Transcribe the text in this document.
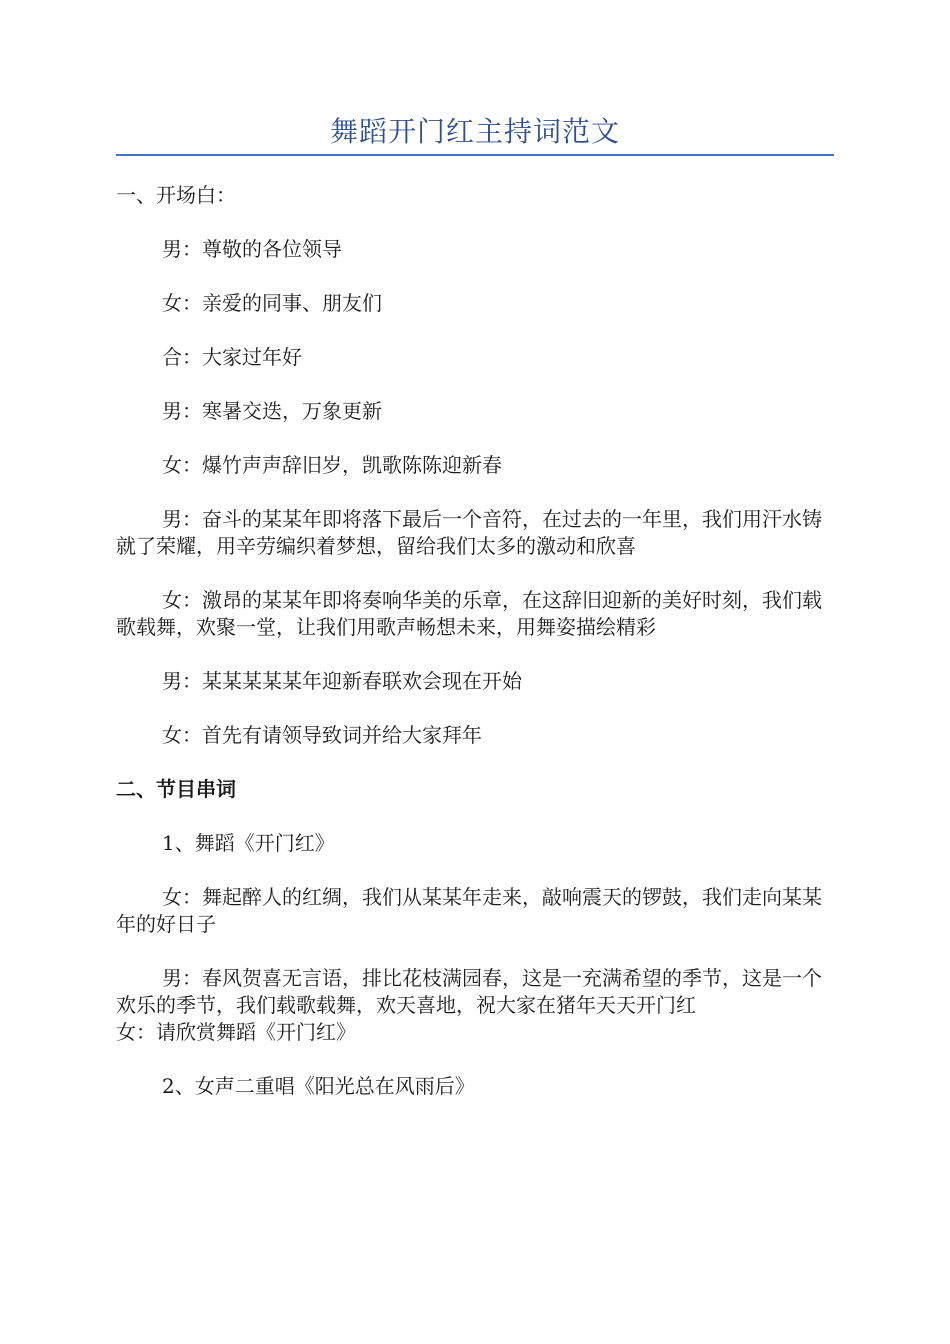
舞蹈开门红主持词范文

一、开场白：

男：尊敬的各位领导

女：亲爱的同事、朋友们

合：大家过年好

男：寒暑交迭，万象更新

女：爆竹声声辞旧岁，凯歌陈陈迎新春

男：奋斗的某某年即将落下最后一个音符，在过去的一年里，我们用汗水铸就了荣耀，用辛劳编织着梦想，留给我们太多的激动和欣喜

女：激昂的某某年即将奏响华美的乐章，在这辞旧迎新的美好时刻，我们载歌载舞，欢聚一堂，让我们用歌声畅想未来，用舞姿描绘精彩

男：某某某某某年迎新春联欢会现在开始

女：首先有请领导致词并给大家拜年

二、节目串词

1、舞蹈《开门红》

女：舞起醉人的红绸，我们从某某年走来，敲响震天的锣鼓，我们走向某某年的好日子

男：春风贺喜无言语，排比花枝满园春，这是一充满希望的季节，这是一个欢乐的季节，我们载歌载舞，欢天喜地，祝大家在猪年天天开门红

女：请欣赏舞蹈《开门红》

2、女声二重唱《阳光总在风雨后》
